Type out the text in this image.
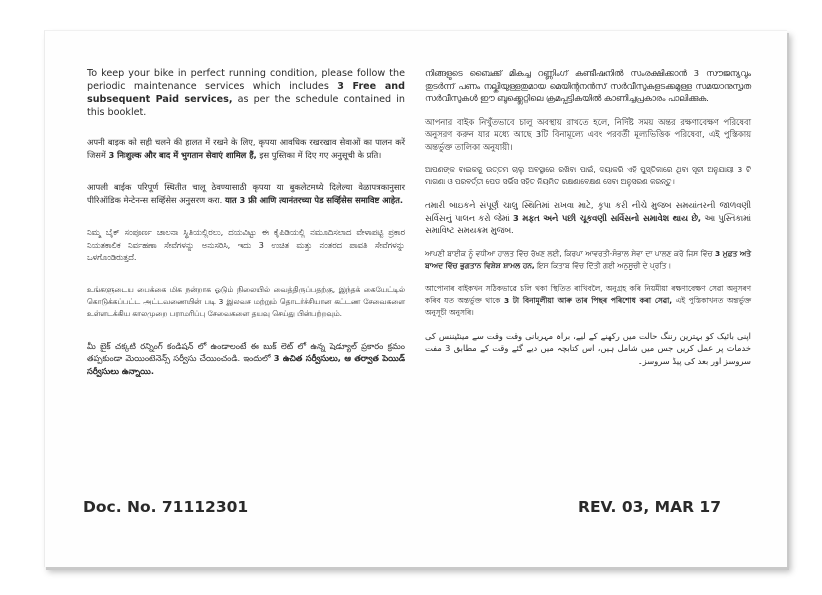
To keep your bike in perfect running condition, please follow the periodic maintenance services which includes 3 Free and subsequent Paid services, as per the schedule contained in this booklet.

अपनी बाइक को सही चलने की हालत में रखने के लिए, कृपया आवधिक रखरखाव सेवाओं का पालन करें जिसमें 3 निःशुल्क और बाद में भुगतान सेवाएं शामिल हैं, इस पुस्तिका में दिए गए अनुसूची के प्रति।

आपली बाईक परिपूर्ण स्थितीत चालू ठेवण्यासाठी कृपया या बुकलेटमध्ये दिलेल्या वेळापत्रकानुसार पीरिऑडिक मेन्टेनन्स सर्व्हिसेस अनुसरण करा. यात 3 फ्री आणि त्यानंतरच्या पेड सर्व्हिसेस समाविष्ट आहेत.

ನಿಮ್ಮ ಬೈಕ್ ಸಂಪೂರ್ಣ ಚಾಲನಾ ಸ್ಥಿತಿಯಲ್ಲಿರಲು, ದಯವಿಟ್ಟು ಈ ಕೈಪಿಡಿಯಲ್ಲಿ ನಮೂದಿಸಲಾದ ವೇಳಾಪಟ್ಟಿ ಪ್ರಕಾರ ನಿಯತಕಾಲಿಕ ನಿರ್ವಹಣಾ ಸೇವೆಗಳನ್ನು ಅನುಸರಿಸಿ, ಇದು 3 ಉಚಿತ ಮತ್ತು ನಂತರದ ಪಾವತಿ ಸೇವೆಗಳನ್ನು ಒಳಗೊಂಡಿರುತ್ತದೆ.

உங்களுடைய பைக்கை மிக நன்றாக ஓடும் நிலையில் வைத்திருப்பதற்கு, இந்தக் கையேட்டில் கொடுக்கப்பட்ட அட்டவணையின் படி 3 இலவச மற்றும் தொடர்ச்சியான கட்டண சேவைகளை உள்ளடக்கிய காலமுறை பராமரிப்பு சேவைகளை தயவு செய்து பின்பற்றவும்.

మీ బైక్ చక్కటి రన్నింగ్ కండిషన్ లో ఉండాలంటే ఈ బుక్ లెట్ లో ఉన్న షెడ్యూల్ ప్రకారం క్రమం తప్పకుండా మెయింటెనెన్స్ సర్వీసు చేయించండి. ఇందులో 3 ఉచిత సర్వీసులు, ఆ తర్వాత పెయిడ్ సర్వీసులు ఉన్నాయి.

നിങ്ങളുടെ ബൈക്ക് മികച്ച റണ്ണിംഗ് കണ്ടീഷനിൽ സംരക്ഷിക്കാൻ 3 സൗജന്യവും തുടർന്ന് പണം നല്കിയുള്ളതുമായ മെയിന്റനൻസ് സർവീസുകളടക്കമുള്ള സമയാനുസൃത സർവീസുകൾ ഈ ബുക്ക്ലെറ്റിലെ ക്രമപ്പട്ടികയിൽ കാണിച്ചപ്രകാരം പാലിക്കുക.

আপনার বাইক নিখুঁতভাবে চালু অবস্থায় রাখতে হলে, নির্দিষ্ট সময় অন্তর রক্ষণাবেক্ষণ পরিষেবা অনুসরণ করুন যার মধ্যে আছে 3টি বিনামূল্যে এবং পরবর্তী মূল্যভিত্তিক পরিষেবা, এই পুস্তিকায় অন্তর্ভুক্ত তালিকা অনুযায়ী।

ଆପଣଙ୍କ ବାଇକକୁ ଉତ୍ତମ ଚାଲୁ ଅବସ୍ଥାରେ ରଖିବା ପାଇଁ, ଦୟାକରି ଏହି ପୁସ୍ତିକାରେ ଥିବା ସୂଚୀ ଅନୁଯାୟୀ 3 ଟି ମାଗଣା ଓ ପରବର୍ତ୍ତୀ ପେଡ ସର୍ଭିସ ସହିତ ନିୟମିତ ରକ୍ଷଣାବେକ୍ଷଣ ସେବା ଅନୁସରଣ କରନ୍ତୁ।

તમારી બાઇકને સંપૂર્ણ ચાલુ સ્થિતિમાં રાખવા માટે, કૃપા કરી નીચે મુજબ સમયાંતરની જાળવણી સર્વિસનું પાલન કરો જેમાં 3 મફત અને પછી ચૂકવણી સર્વિસનો સમાવેશ થાય છે, આ પુસ્તિકામાં સમાવિષ્ટ સમયક્રમ મુજબ.

ਆਪਣੀ ਬਾਈਕ ਨੂੰ ਵਧੀਆ ਹਾਲਤ ਵਿੱਚ ਰੱਖਣ ਲਈ, ਕਿਰਪਾ ਆਵਰਤੀ-ਸੰਭਾਲ ਸੇਵਾ ਦਾ ਪਾਲਣ ਕਰੋ ਜਿਸ ਵਿੱਚ 3 ਮੁਫ਼ਤ ਅਤੇ ਬਾਅਦ ਵਿੱਚ ਭੁਗਤਾਨ ਵਿਸ਼ੇਸ਼ ਸ਼ਾਮਲ ਹਨ, ਇਸ ਕਿਤਾਬ ਵਿੱਚ ਦਿੱਤੀ ਗਈ ਅਨੁਸੂਚੀ ਦੇ ਪ੍ਰਤਿ।

আপোনাৰ বাইকখন সঠিকভাৱে চলি থকা স্থিতিত ৰাখিবলৈ, অনুগ্ৰহ কৰি নিয়মীয়া ৰক্ষণাবেক্ষণ সেৱা অনুসৰণ কৰিব যত অন্তৰ্ভুক্ত থাকে 3 টা বিনামূলীয়া আৰু তাৰ পিছৰ পৰিশোধ কৰা সেৱা, এই পুস্তিকাখনত অন্তৰ্ভুক্ত অনুসূচী অনুসৰি।

اپنی بائیک کو بہترین رننگ حالت میں رکھنے کے لیے، براہ مہربانی وقت وقت سے مینٹیننس کی خدمات پر عمل کریں جس میں شامل ہیں، اس کتابچہ میں دیے گئے وقت کے مطابق 3 مفت سروسز اور بعد کی پیڈ سروسز۔

Doc. No. 71112301	REV. 03, MAR 17
